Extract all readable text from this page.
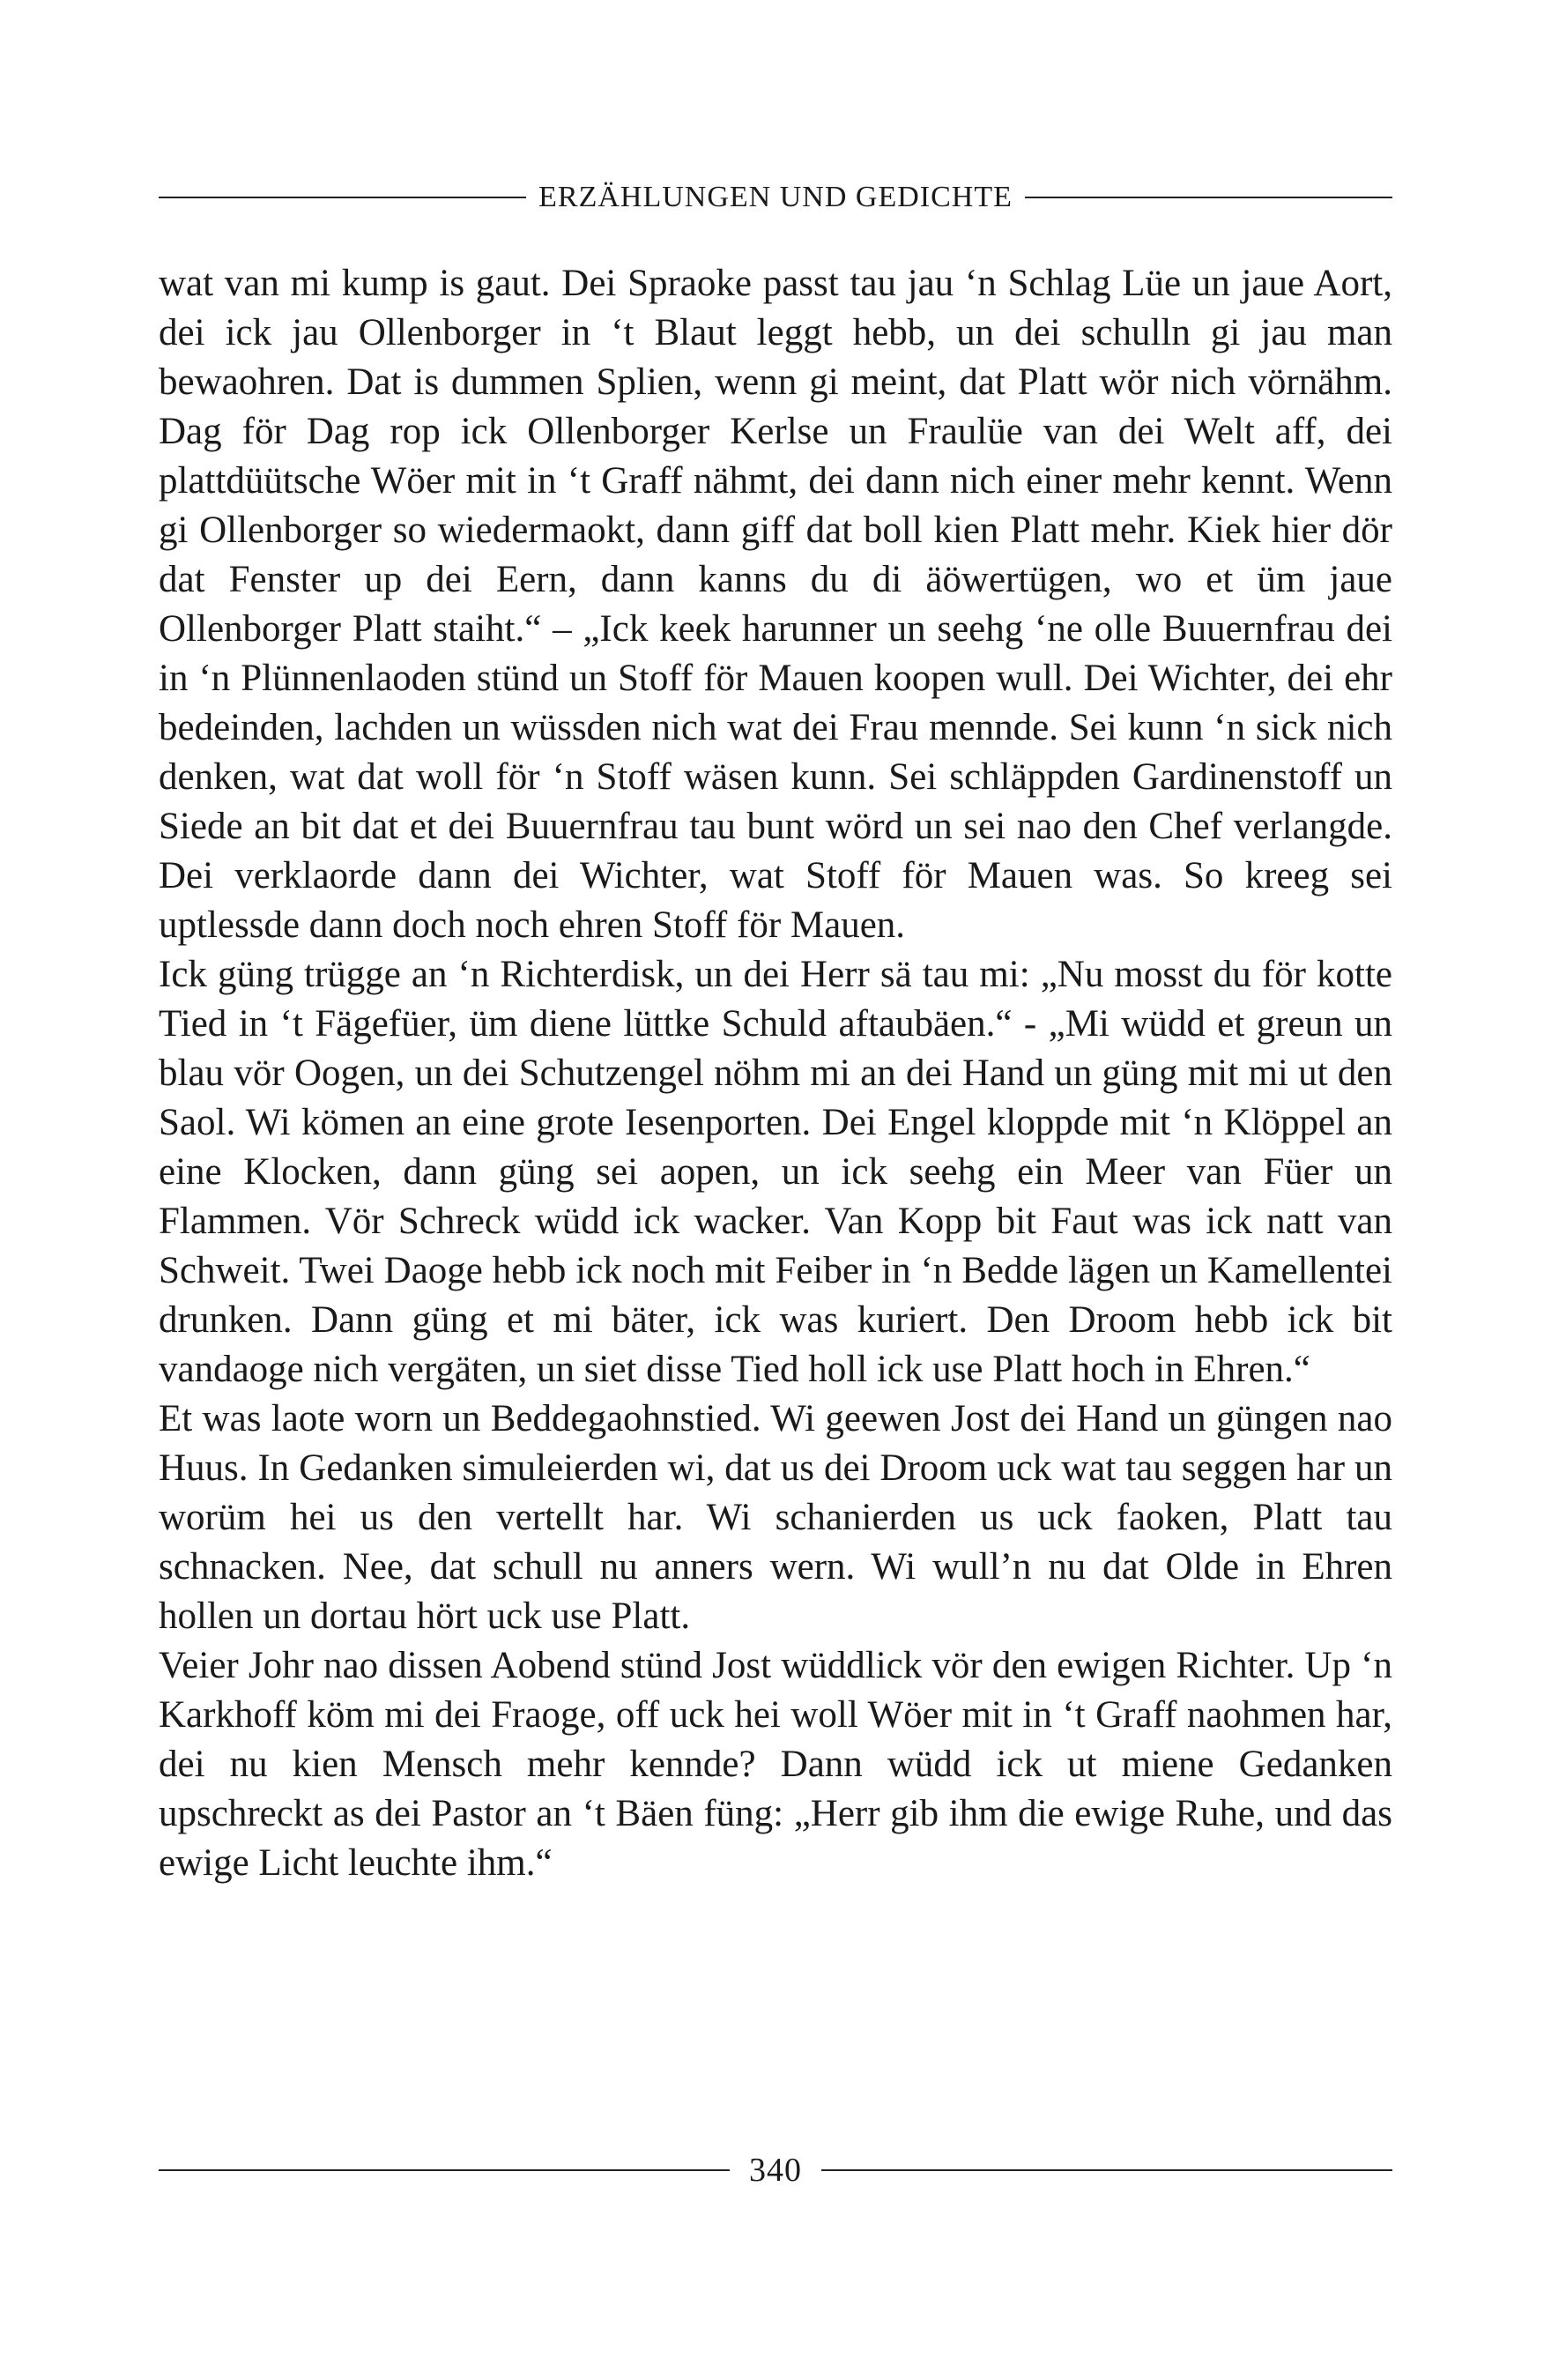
ERZÄHLUNGEN UND GEDICHTE

wat van mi kump is gaut. Dei Spraoke passt tau jau ‘n Schlag Lüe un jaue Aort, dei ick jau Ollenborger in ‘t Blaut leggt hebb, un dei schulln gi jau man bewaohren. Dat is dummen Splien, wenn gi meint, dat Platt wör nich vörnähm. Dag för Dag rop ick Ollenborger Kerlse un Fraulüe van dei Welt aff, dei plattdüütsche Wöer mit in ‘t Graff nähmt, dei dann nich einer mehr kennt. Wenn gi Ollenborger so wiedermaokt, dann giff dat boll kien Platt mehr. Kiek hier dör dat Fenster up dei Eern, dann kanns du di äöwertügen, wo et üm jaue Ollenborger Platt staiht.“ – „Ick keek harunner un seehg ‘ne olle Buuernfrau dei in ‘n Plünnenlaoden stünd un Stoff för Mauen koopen wull. Dei Wichter, dei ehr bedeinden, lachden un wüssden nich wat dei Frau mennde. Sei kunn ‘n sick nich denken, wat dat woll för ‘n Stoff wäsen kunn. Sei schläppden Gardinenstoff un Siede an bit dat et dei Buuernfrau tau bunt wörd un sei nao den Chef verlangde. Dei verklaorde dann dei Wichter, wat Stoff för Mauen was. So kreeg sei uptlessde dann doch noch ehren Stoff för Mauen.

Ick güng trügge an ‘n Richterdisk, un dei Herr sä tau mi: „Nu mosst du för kotte Tied in ‘t Fägefüer, üm diene lüttke Schuld aftaubäen.“ - „Mi wüdd et greun un blau vör Oogen, un dei Schutzengel nöhm mi an dei Hand un güng mit mi ut den Saol. Wi kömen an eine grote Iesenporten. Dei Engel kloppde mit ‘n Klöppel an eine Klocken, dann güng sei aopen, un ick seehg ein Meer van Füer un Flammen. Vör Schreck wüdd ick wacker. Van Kopp bit Faut was ick natt van Schweit. Twei Daoge hebb ick noch mit Feiber in ‘n Bedde lägen un Kamellentei drunken. Dann güng et mi bäter, ick was kuriert. Den Droom hebb ick bit vandaoge nich vergäten, un siet disse Tied holl ick use Platt hoch in Ehren.“

Et was laote worn un Beddegaohnstied. Wi geewen Jost dei Hand un güngen nao Huus. In Gedanken simuleierden wi, dat us dei Droom uck wat tau seggen har un worüm hei us den vertellt har. Wi schanierden us uck faoken, Platt tau schnacken. Nee, dat schull nu anners wern. Wi wull’n nu dat Olde in Ehren hollen un dortau hört uck use Platt.

Veier Johr nao dissen Aobend stünd Jost wüddlick vör den ewigen Richter. Up ‘n Karkhoff köm mi dei Fraoge, off uck hei woll Wöer mit in ‘t Graff naohmen har, dei nu kien Mensch mehr kennde? Dann wüdd ick ut miene Gedanken upschreckt as dei Pastor an ‘t Bäen füng: „Herr gib ihm die ewige Ruhe, und das ewige Licht leuchte ihm.“

340
